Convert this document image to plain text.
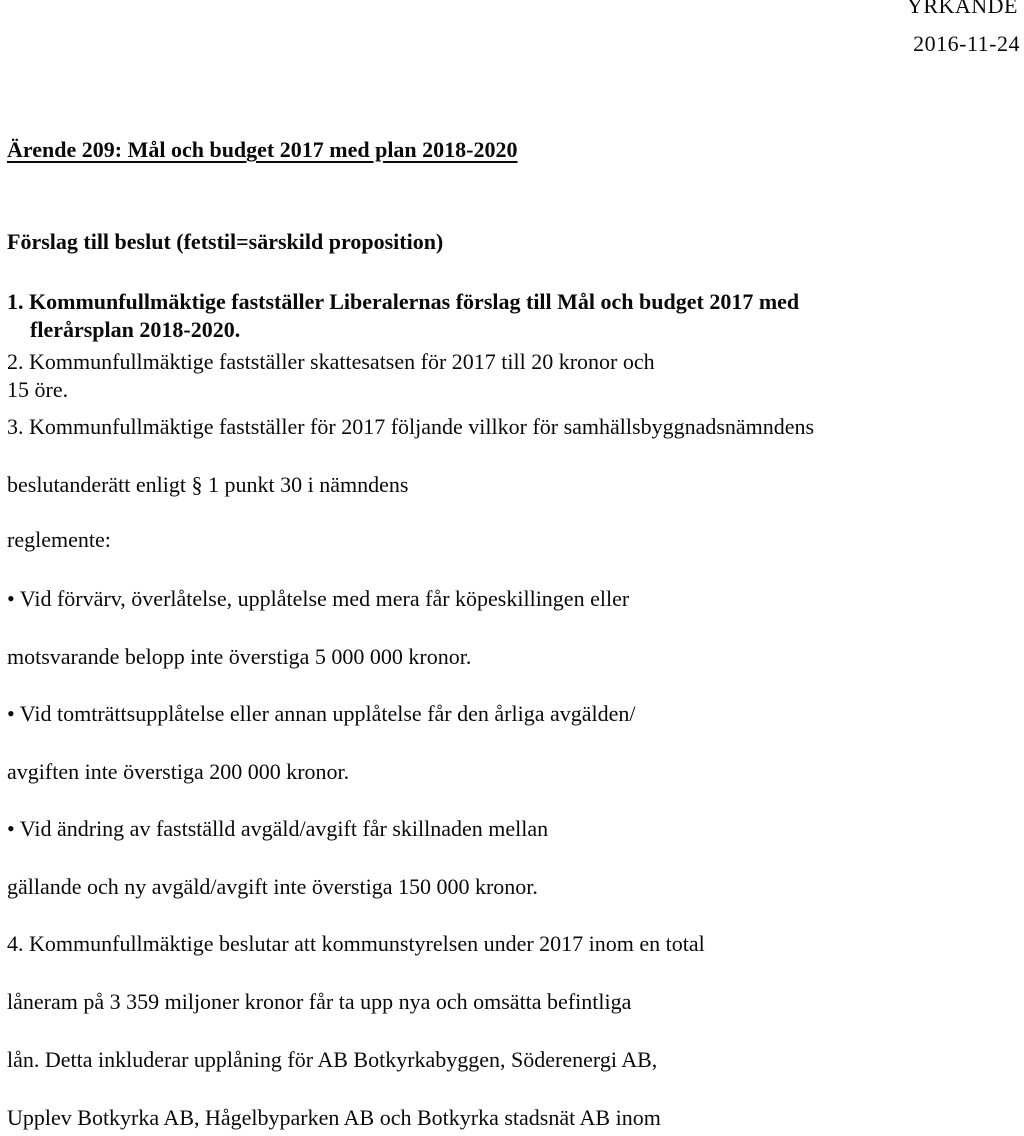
YRKANDE
2016-11-24
Ärende 209: Mål och budget 2017 med plan 2018-2020
Förslag till beslut (fetstil=särskild proposition)
1. Kommunfullmäktige fastställer Liberalernas förslag till Mål och budget 2017 med
flerårsplan 2018-2020.
2. Kommunfullmäktige fastställer skattesatsen för 2017 till 20 kronor och
15 öre.
3. Kommunfullmäktige fastställer för 2017 följande villkor för samhällsbyggnadsnämndens
beslutanderätt enligt § 1 punkt 30 i nämndens
reglemente:
• Vid förvärv, överlåtelse, upplåtelse med mera får köpeskillingen eller
motsvarande belopp inte överstiga 5 000 000 kronor.
• Vid tomträttsupplåtelse eller annan upplåtelse får den årliga avgälden/
avgiften inte överstiga 200 000 kronor.
• Vid ändring av fastställd avgäld/avgift får skillnaden mellan
gällande och ny avgäld/avgift inte överstiga 150 000 kronor.
4. Kommunfullmäktige beslutar att kommunstyrelsen under 2017 inom en total
låneram på 3 359 miljoner kronor får ta upp nya och omsätta befintliga
lån. Detta inkluderar upplåning för AB Botkyrkabyggen, Söderenergi AB,
Upplev Botkyrka AB, Hågelbyparken AB och Botkyrka stadsnät AB inom
